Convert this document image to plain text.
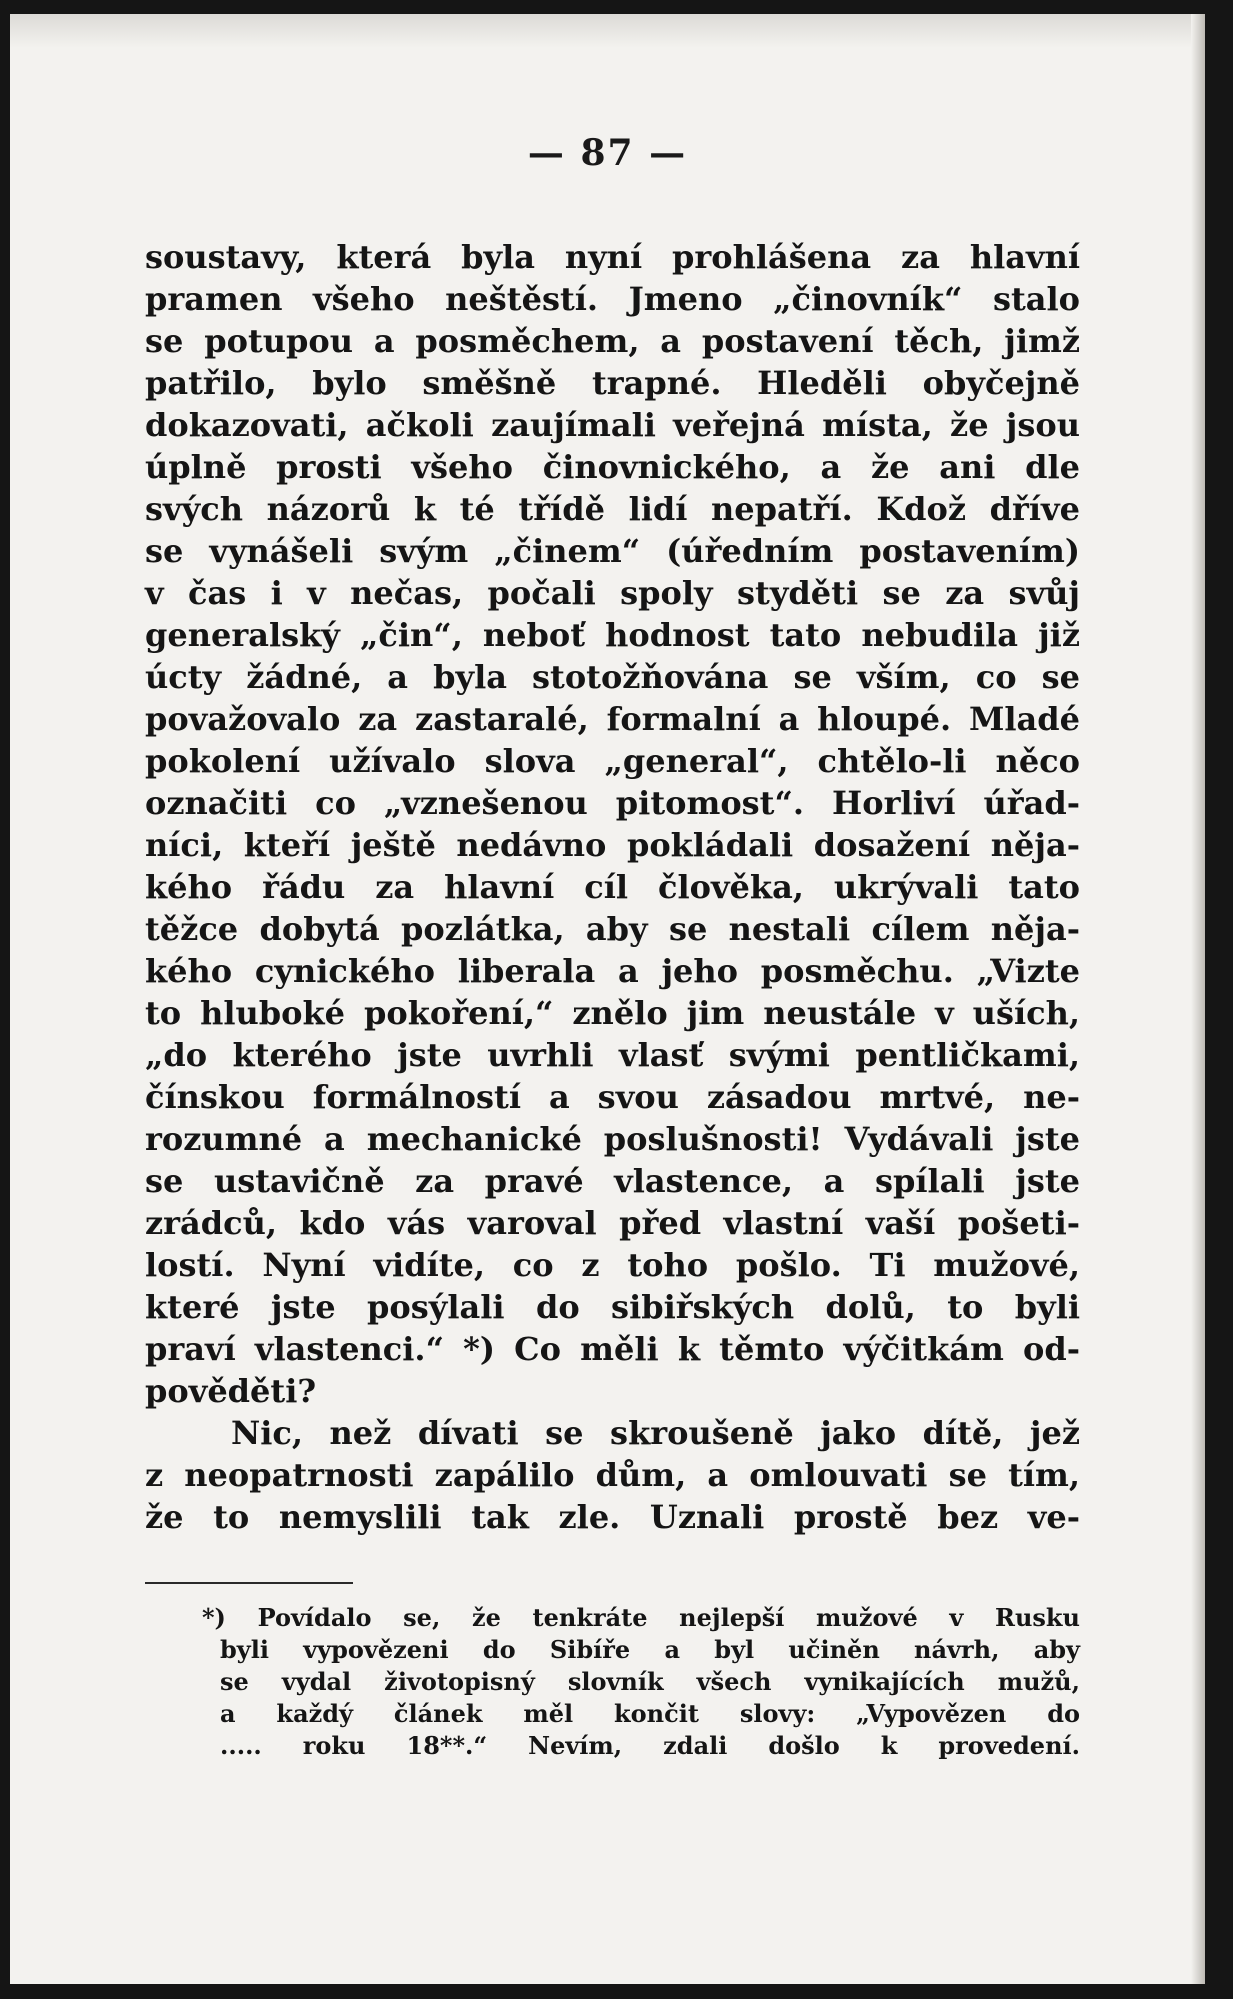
— 87 —
soustavy, která byla nyní prohlášena za hlavní
pramen všeho neštěstí. Jmeno „činovník“ stalo
se potupou a posměchem, a postavení těch, jimž
patřilo, bylo směšně trapné. Hleděli obyčejně
dokazovati, ačkoli zaujímali veřejná místa, že jsou
úplně prosti všeho činovnického, a že ani dle
svých názorů k té třídě lidí nepatří. Kdož dříve
se vynášeli svým „činem“ (úředním postavením)
v čas i v nečas, počali spoly styděti se za svůj
generalský „čin“, neboť hodnost tato nebudila již
úcty žádné, a byla stotožňována se vším, co se
považovalo za zastaralé, formalní a hloupé. Mladé
pokolení užívalo slova „general“, chtělo-li něco
označiti co „vznešenou pitomost“. Horliví úřad-
níci, kteří ještě nedávno pokládali dosažení něja-
kého řádu za hlavní cíl člověka, ukrývali tato
těžce dobytá pozlátka, aby se nestali cílem něja-
kého cynického liberala a jeho posměchu. „Vizte
to hluboké pokoření,“ znělo jim neustále v uších,
„do kterého jste uvrhli vlasť svými pentličkami,
čínskou formálností a svou zásadou mrtvé, ne-
rozumné a mechanické poslušnosti! Vydávali jste
se ustavičně za pravé vlastence, a spílali jste
zrádců, kdo vás varoval před vlastní vaší pošeti-
lostí. Nyní vidíte, co z toho pošlo. Ti mužové,
které jste posýlali do sibiřských dolů, to byli
praví vlastenci.“ *) Co měli k těmto výčitkám od-
pověděti?
Nic, než dívati se skroušeně jako dítě, jež
z neopatrnosti zapálilo dům, a omlouvati se tím,
že to nemyslili tak zle. Uznali prostě bez ve-
*) Povídalo se, že tenkráte nejlepší mužové v Rusku
byli vypovězeni do Sibíře a byl učiněn návrh, aby
se vydal životopisný slovník všech vynikajících mužů,
a každý článek měl končit slovy: „Vypovězen do
..... roku 18**.“ Nevím, zdali došlo k provedení.
